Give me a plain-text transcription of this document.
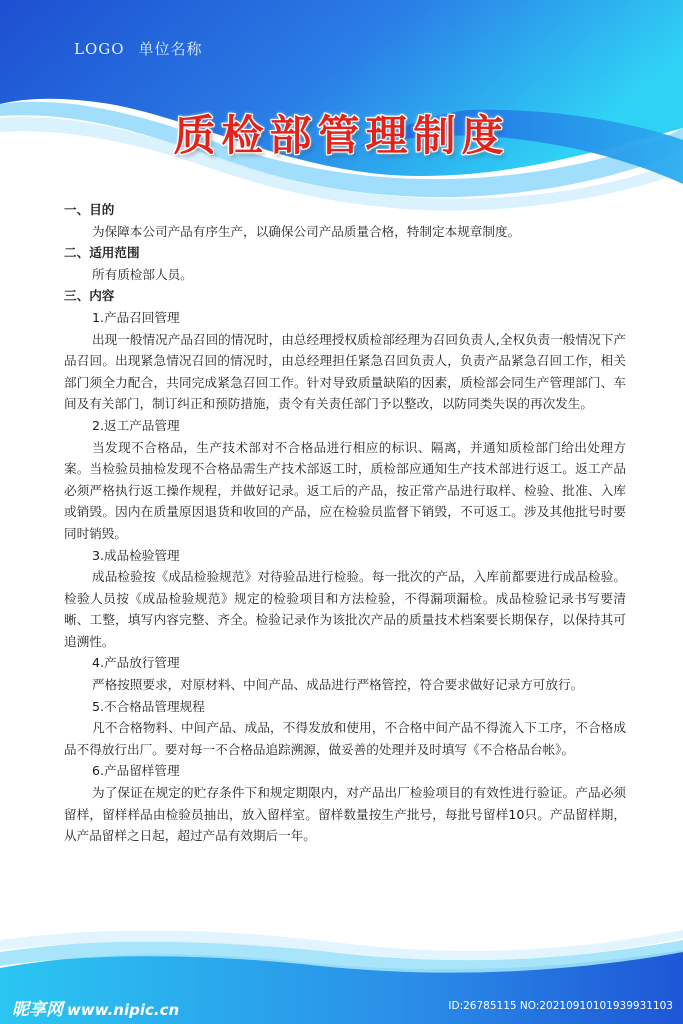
LOGO 单位名称
质检部管理制度
一、目的
为保障本公司产品有序生产，以确保公司产品质量合格，特制定本规章制度。
二、适用范围
所有质检部人员。
三、内容
1.产品召回管理
出现一般情况产品召回的情况时，由总经理授权质检部经理为召回负责人,全权负责一般情况下产品召回。出现紧急情况召回的情况时，由总经理担任紧急召回负责人，负责产品紧急召回工作，相关部门须全力配合，共同完成紧急召回工作。针对导致质量缺陷的因素，质检部会同生产管理部门、车间及有关部门，制订纠正和预防措施，责令有关责任部门予以整改，以防同类失误的再次发生。
2.返工产品管理
当发现不合格品，生产技术部对不合格品进行相应的标识、隔离，并通知质检部门给出处理方案。当检验员抽检发现不合格品需生产技术部返工时，质检部应通知生产技术部进行返工。返工产品必须严格执行返工操作规程，并做好记录。返工后的产品，按正常产品进行取样、检验、批准、入库或销毁。因内在质量原因退货和收回的产品，应在检验员监督下销毁，不可返工。涉及其他批号时要同时销毁。
3.成品检验管理
成品检验按《成品检验规范》对待验品进行检验。每一批次的产品，入库前都要进行成品检验。检验人员按《成品检验规范》规定的检验项目和方法检验，不得漏项漏检。成品检验记录书写要清晰、工整，填写内容完整、齐全。检验记录作为该批次产品的质量技术档案要长期保存，以保持其可追溯性。
4.产品放行管理
严格按照要求，对原材料、中间产品、成品进行严格管控，符合要求做好记录方可放行。
5.不合格品管理规程
凡不合格物料、中间产品、成品，不得发放和使用，不合格中间产品不得流入下工序，不合格成品不得放行出厂。要对每一不合格品追踪溯源，做妥善的处理并及时填写《不合格品台帐》。
6.产品留样管理
为了保证在规定的贮存条件下和规定期限内，对产品出厂检验项目的有效性进行验证。产品必须留样，留样样品由检验员抽出，放入留样室。留样数量按生产批号，每批号留样10只。产品留样期，从产品留样之日起，超过产品有效期后一年。
昵享网 www.nipic.cn	ID:26785115 NO:20210910101939931103
